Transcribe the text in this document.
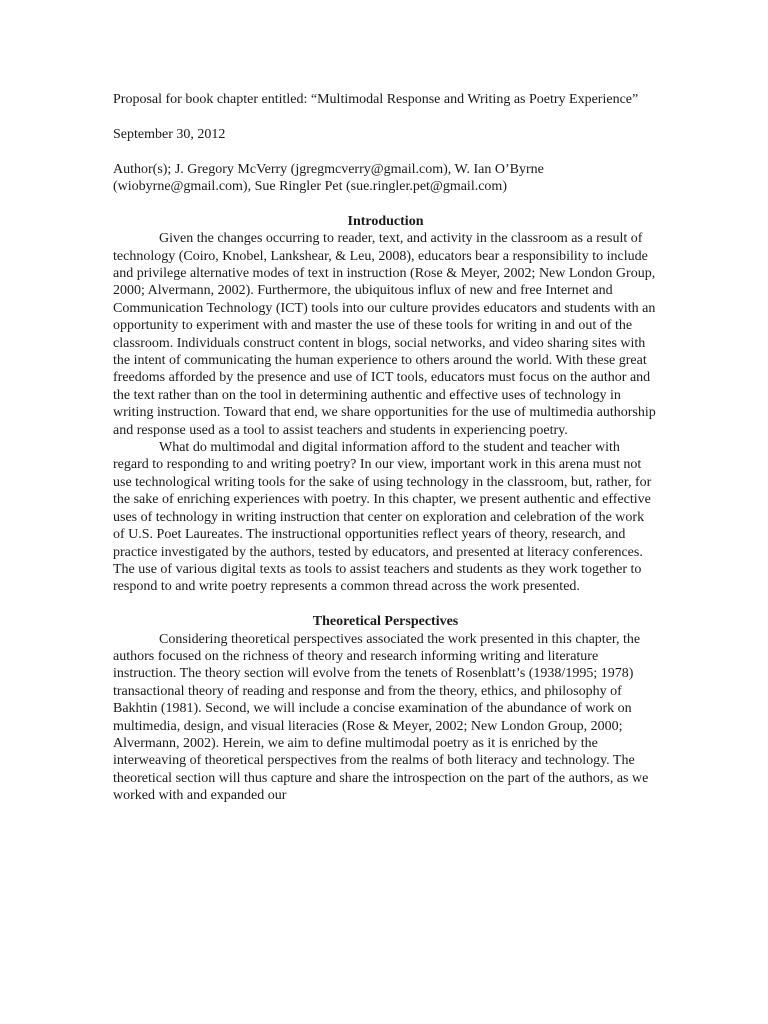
Proposal for book chapter entitled: “Multimodal Response and Writing as Poetry Experience”

September 30, 2012

Author(s); J. Gregory McVerry (jgregmcverry@gmail.com), W. Ian O’Byrne (wiobyrne@gmail.com), Sue Ringler Pet (sue.ringler.pet@gmail.com)

Introduction

Given the changes occurring to reader, text, and activity in the classroom as a result of technology (Coiro, Knobel, Lankshear, & Leu, 2008), educators bear a responsibility to include and privilege alternative modes of text in instruction (Rose & Meyer, 2002; New London Group, 2000; Alvermann, 2002). Furthermore, the ubiquitous influx of new and free Internet and Communication Technology (ICT) tools into our culture provides educators and students with an opportunity to experiment with and master the use of these tools for writing in and out of the classroom. Individuals construct content in blogs, social networks, and video sharing sites with the intent of communicating the human experience to others around the world. With these great freedoms afforded by the presence and use of ICT tools, educators must focus on the author and the text rather than on the tool in determining authentic and effective uses of technology in writing instruction. Toward that end, we share opportunities for the use of multimedia authorship and response used as a tool to assist teachers and students in experiencing poetry.

What do multimodal and digital information afford to the student and teacher with regard to responding to and writing poetry? In our view, important work in this arena must not use technological writing tools for the sake of using technology in the classroom, but, rather, for the sake of enriching experiences with poetry. In this chapter, we present authentic and effective uses of technology in writing instruction that center on exploration and celebration of the work of U.S. Poet Laureates. The instructional opportunities reflect years of theory, research, and practice investigated by the authors, tested by educators, and presented at literacy conferences. The use of various digital texts as tools to assist teachers and students as they work together to respond to and write poetry represents a common thread across the work presented.

Theoretical Perspectives

Considering theoretical perspectives associated the work presented in this chapter, the authors focused on the richness of theory and research informing writing and literature instruction. The theory section will evolve from the tenets of Rosenblatt’s (1938/1995; 1978) transactional theory of reading and response and from the theory, ethics, and philosophy of Bakhtin (1981). Second, we will include a concise examination of the abundance of work on multimedia, design, and visual literacies (Rose & Meyer, 2002; New London Group, 2000; Alvermann, 2002). Herein, we aim to define multimodal poetry as it is enriched by the interweaving of theoretical perspectives from the realms of both literacy and technology. The theoretical section will thus capture and share the introspection on the part of the authors, as we worked with and expanded our
